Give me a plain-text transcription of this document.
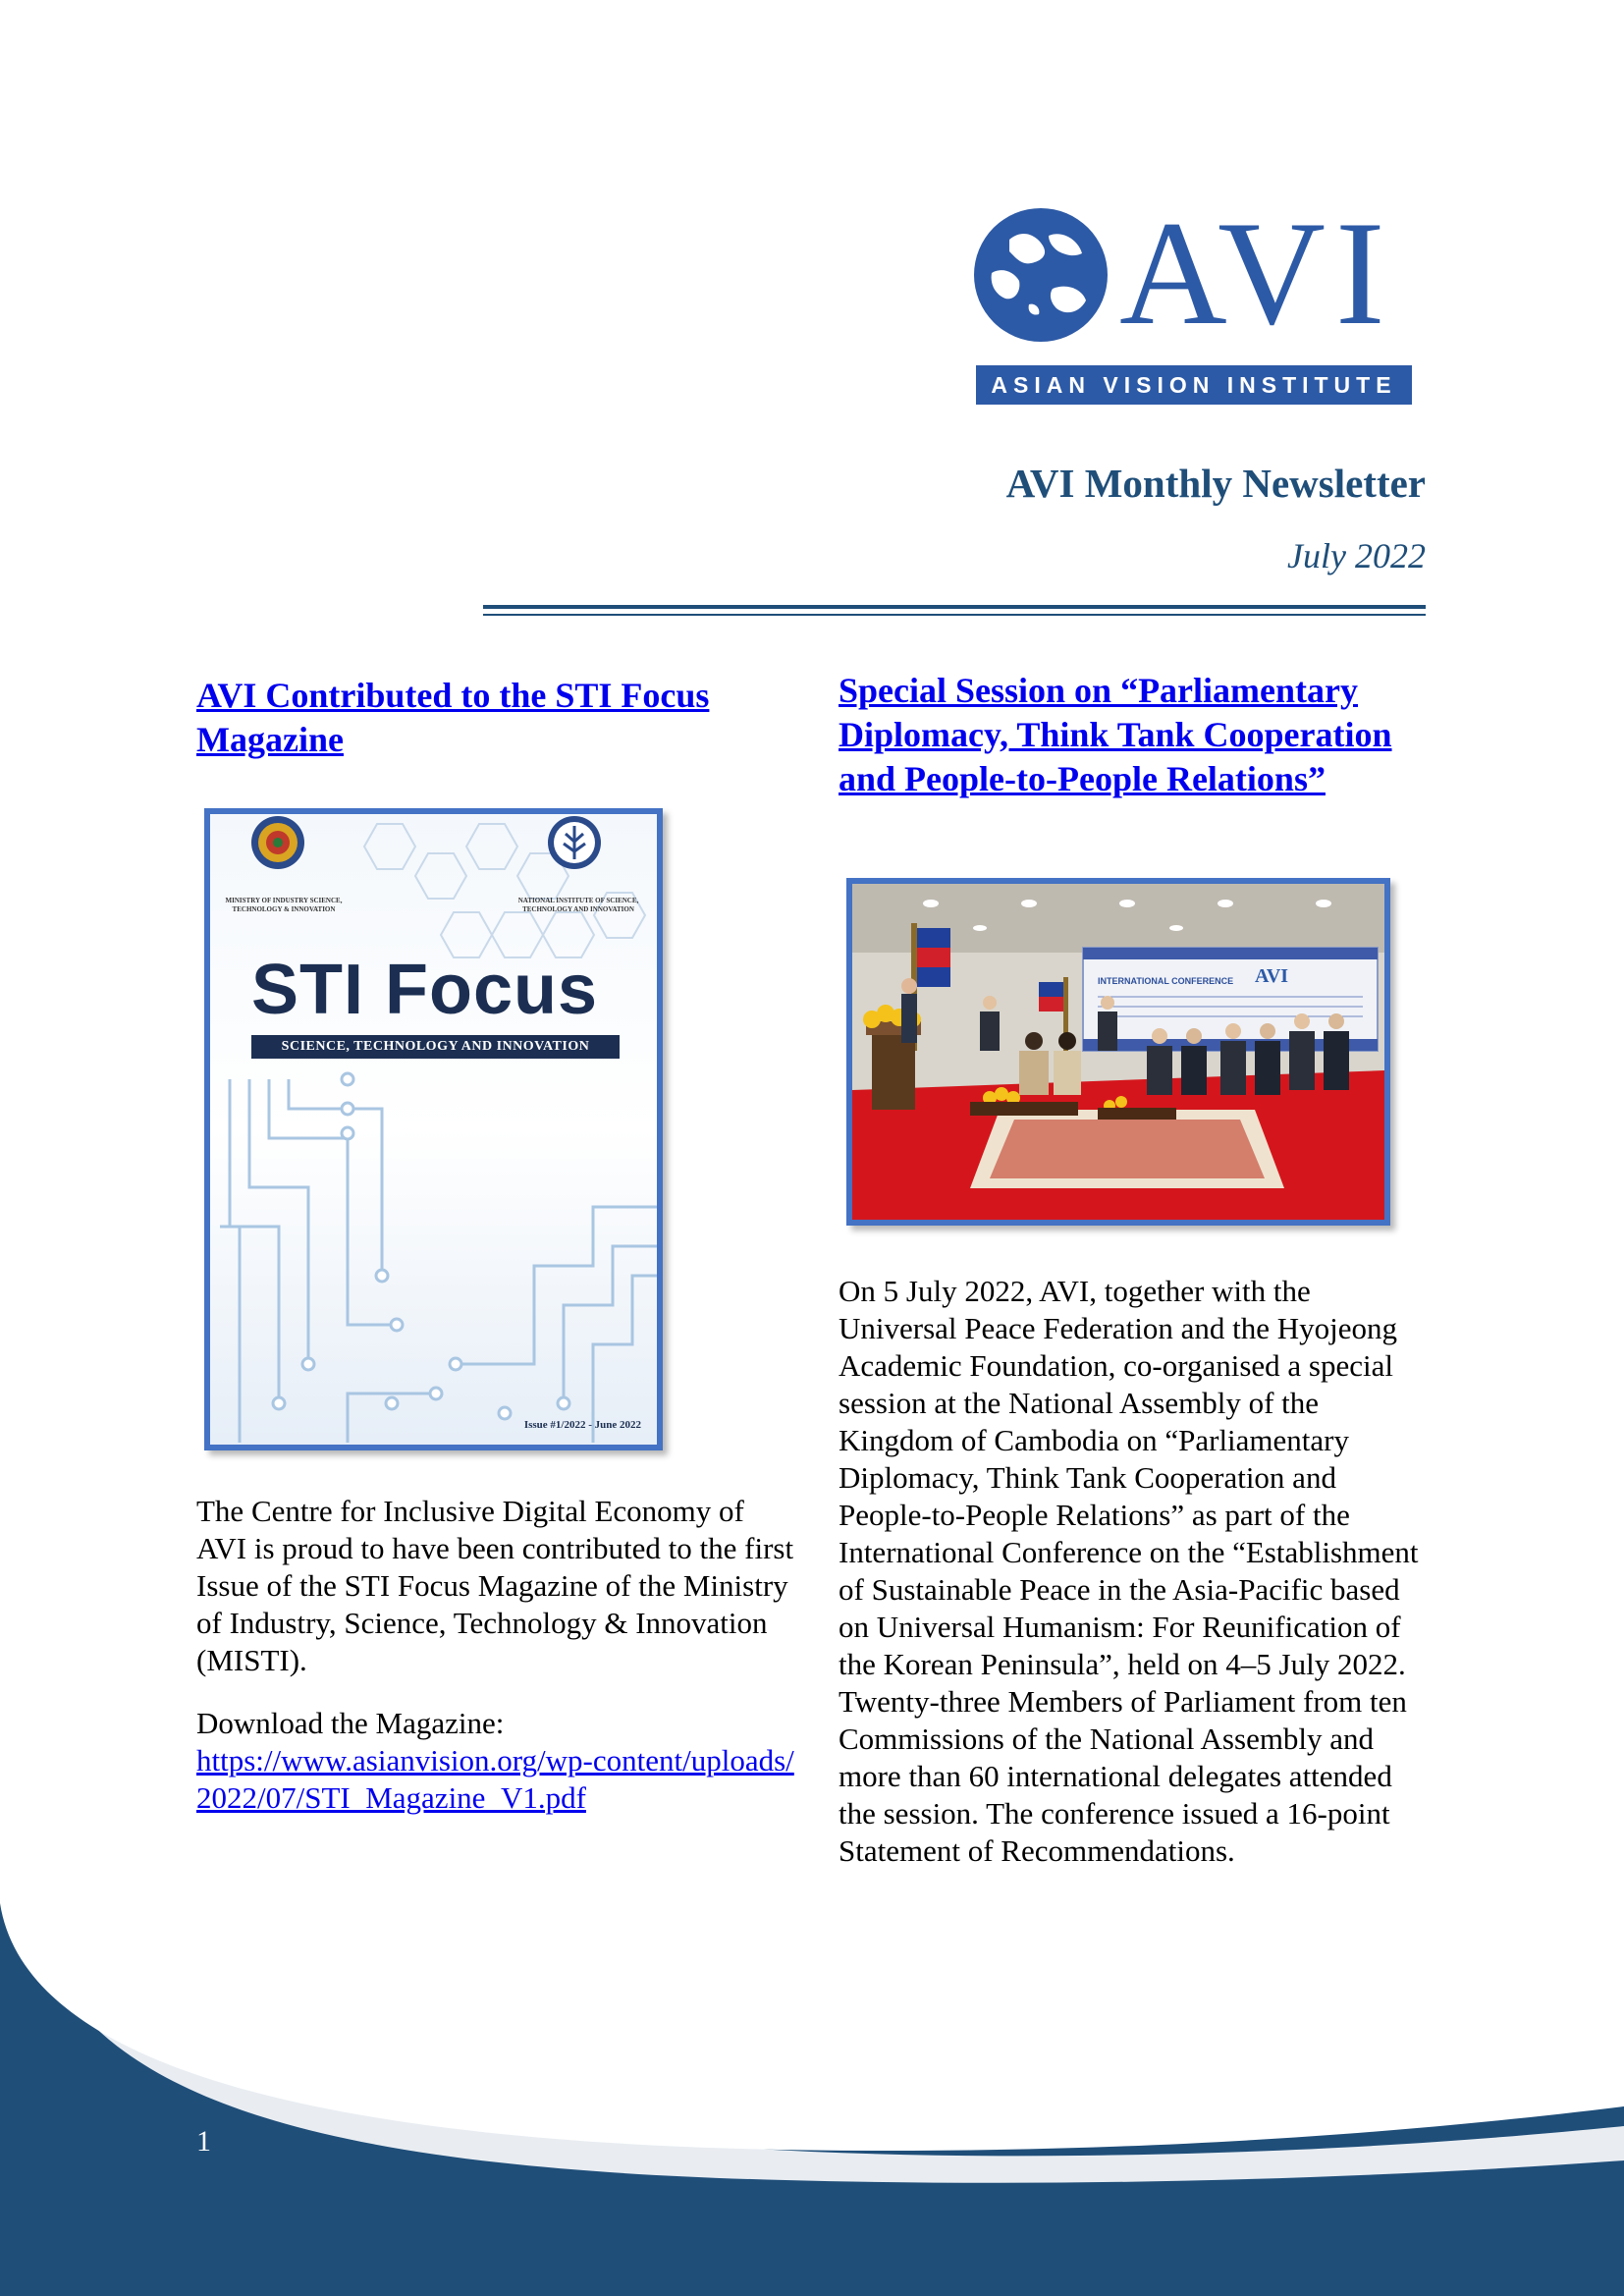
AVI
ASIAN VISION INSTITUTE
AVI Monthly Newsletter
July 2022
AVI Contributed to the STI Focus Magazine
MINISTRY OF INDUSTRY SCIENCE, TECHNOLOGY & INNOVATION
NATIONAL INSTITUTE OF SCIENCE, TECHNOLOGY AND INNOVATION
STI Focus
SCIENCE, TECHNOLOGY AND INNOVATION
Issue #1/2022 - June 2022

The Centre for Inclusive Digital Economy of AVI is proud to have been contributed to the first Issue of the STI Focus Magazine of the Ministry of Industry, Science, Technology & Innovation (MISTI).

Download the Magazine:

https://www.asianvision.org/wp-content/uploads/2022/07/STI_Magazine_V1.pdf

Special Session on “Parliamentary Diplomacy, Think Tank Cooperation and People-to-People Relations”
INTERNATIONAL CONFERENCE AVI

On 5 July 2022, AVI, together with the Universal Peace Federation and the Hyojeong Academic Foundation, co-organised a special session at the National Assembly of the Kingdom of Cambodia on “Parliamentary Diplomacy, Think Tank Cooperation and People-to-People Relations” as part of the International Conference on the “Establishment of Sustainable Peace in the Asia-Pacific based on Universal Humanism: For Reunification of the Korean Peninsula”, held on 4–5 July 2022. Twenty-three Members of Parliament from ten Commissions of the National Assembly and more than 60 international delegates attended the session. The conference issued a 16-point Statement of Recommendations.

1
